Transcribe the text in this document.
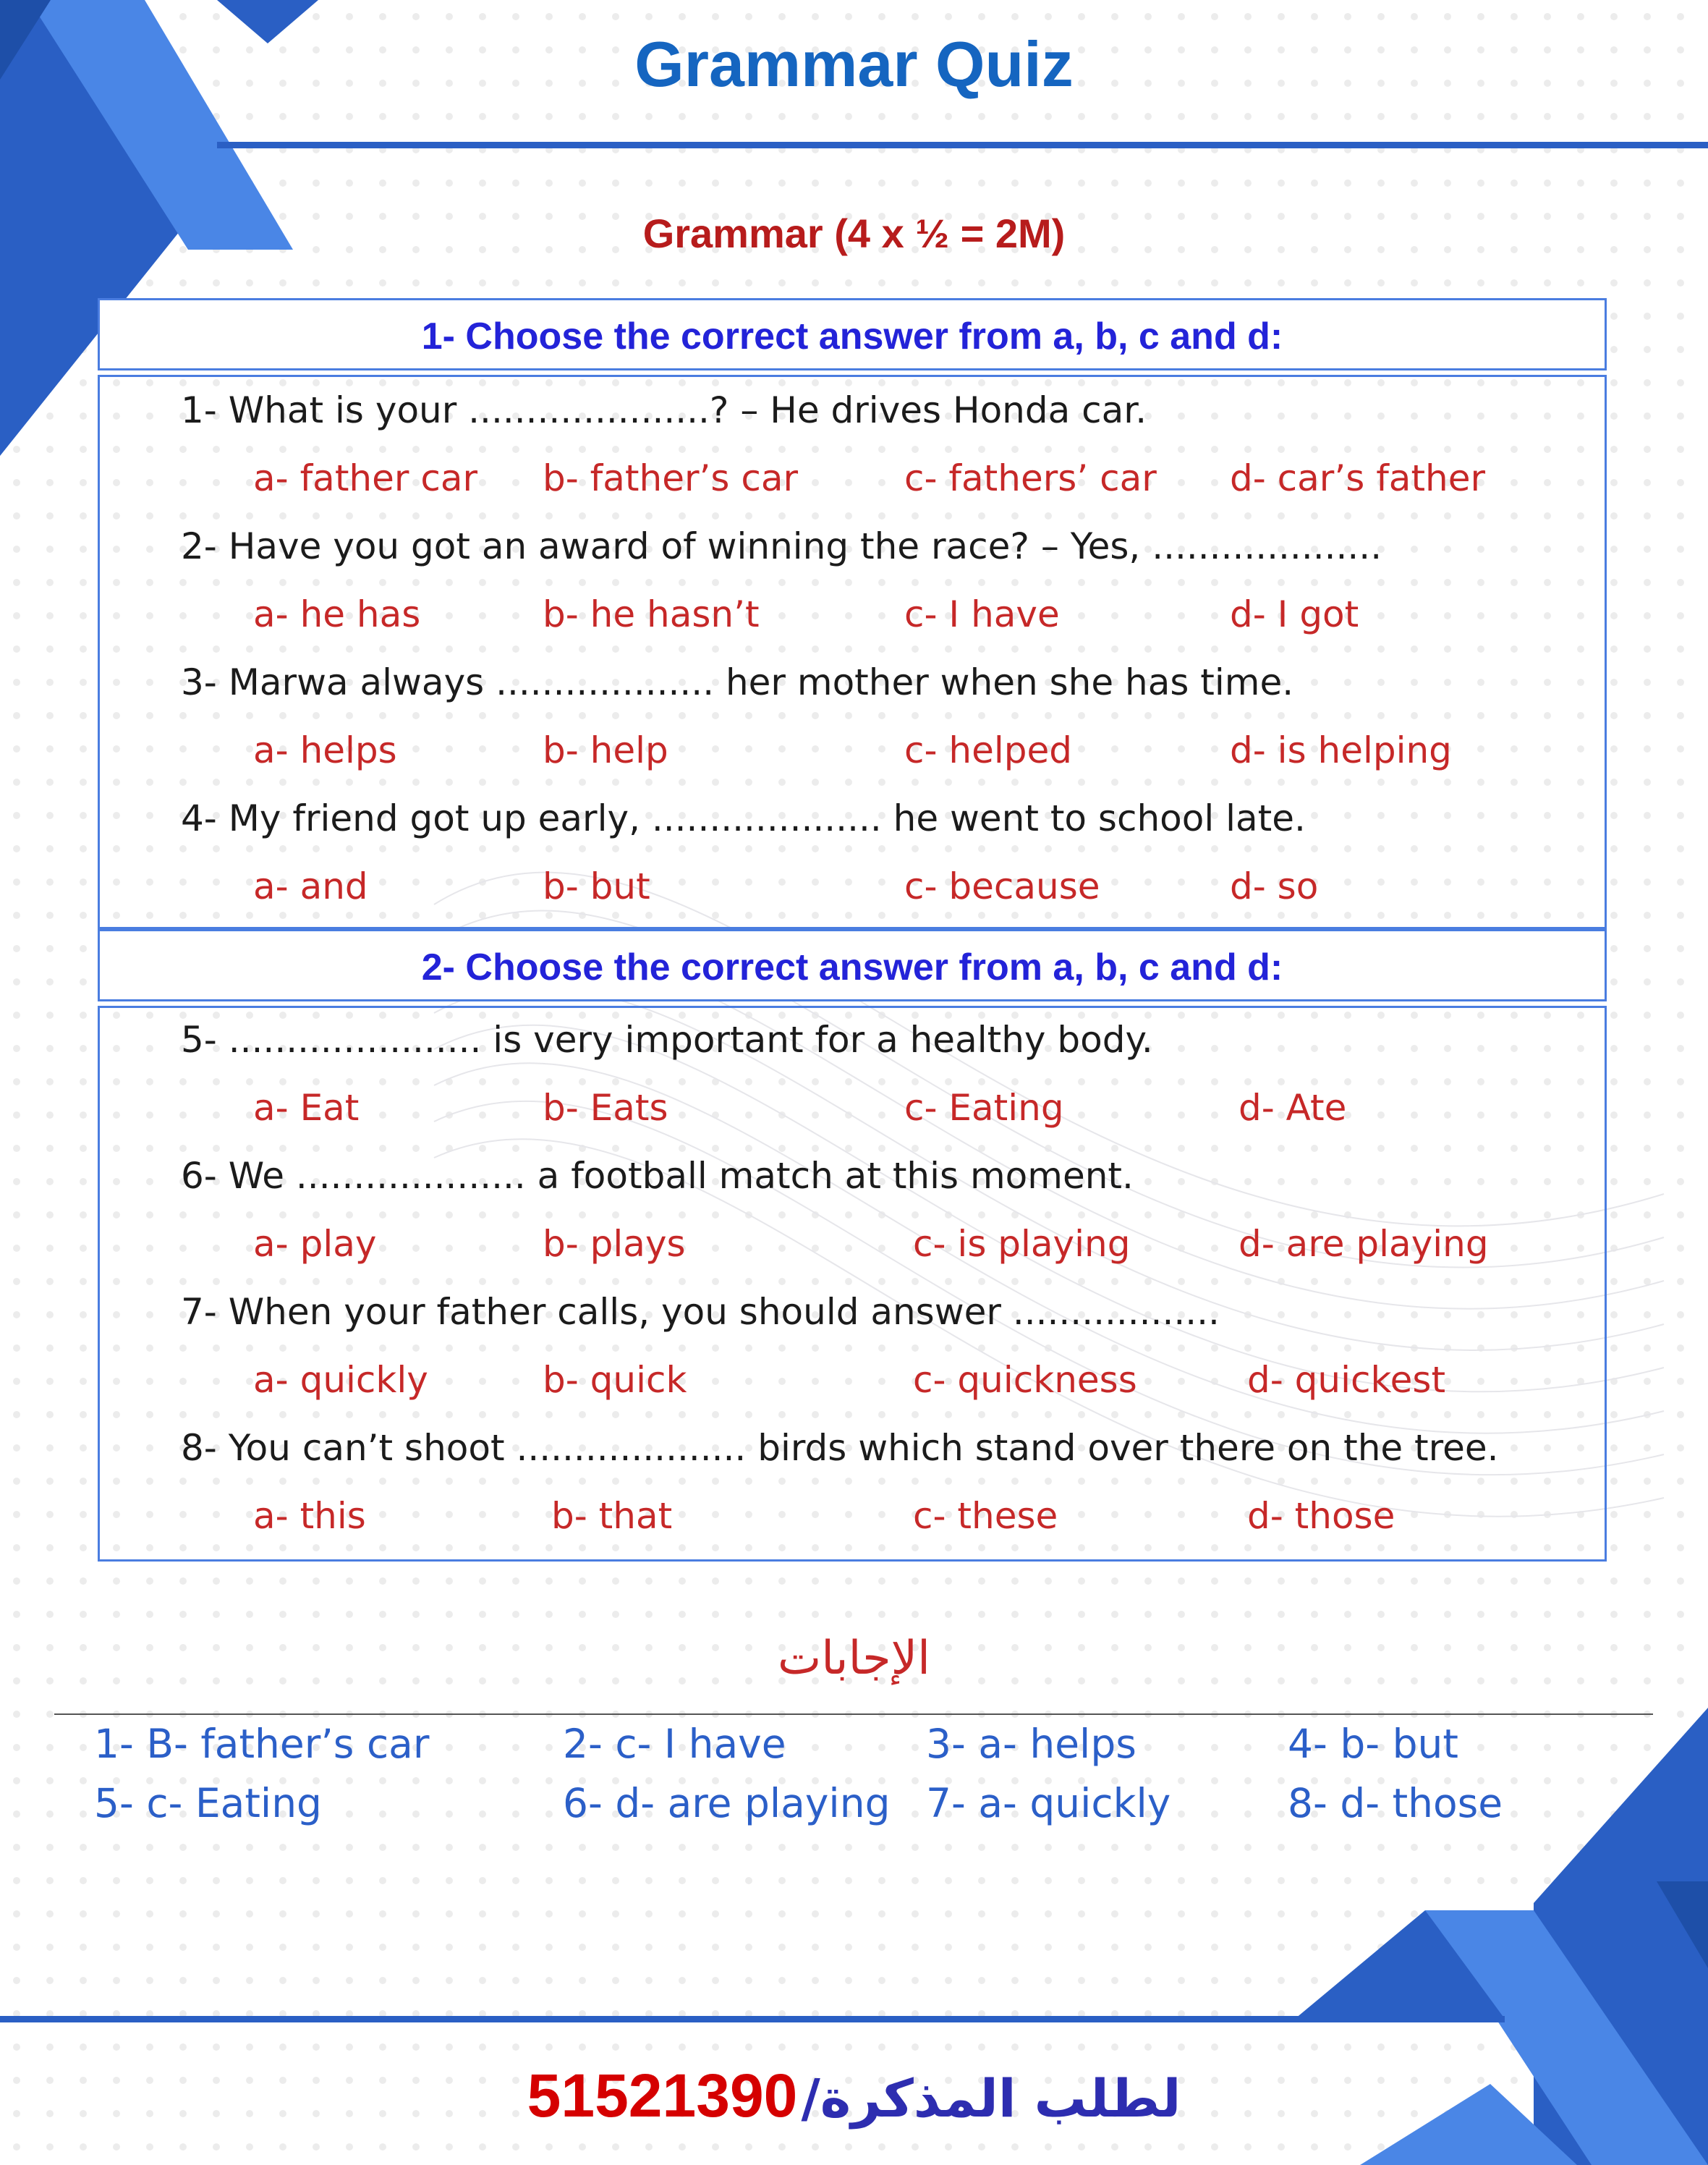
Grammar Quiz
Grammar (4 x ½ = 2M)
1- Choose the correct answer from a, b, c and d:
1- What is your .....................? – He drives Honda car.
a- father car b- father’s car	c- fathers’ car d- car’s father
2- Have you got an award of winning the race? – Yes, ....................
a- he has	b- he hasn’t	c- I have	d- I got
3- Marwa always ................... her mother when she has time.
a- helps	b- help	c- helped	d- is helping
4- My friend got up early, .................... he went to school late.
a- and	b- but	c- because	d- so
2- Choose the correct answer from a, b, c and d:
5- ...................... is very important for a healthy body.
a- Eat	b- Eats	c- Eating	d- Ate
6- We .................... a football match at this moment.
a- play	b- plays	c- is playing	d- are playing
7- When your father calls, you should answer ..................
a- quickly	b- quick	c- quickness	d- quickest
8- You can’t shoot .................... birds which stand over there on the tree.
a- this	b- that	c- these	d- those
الإجابات
1- B- father’s car	2- c- I have	3- a- helps	4- b- but
5- c- Eating	6- d- are playing 7- a- quickly	8- d- those
51521390 لطلب المذكرة/
